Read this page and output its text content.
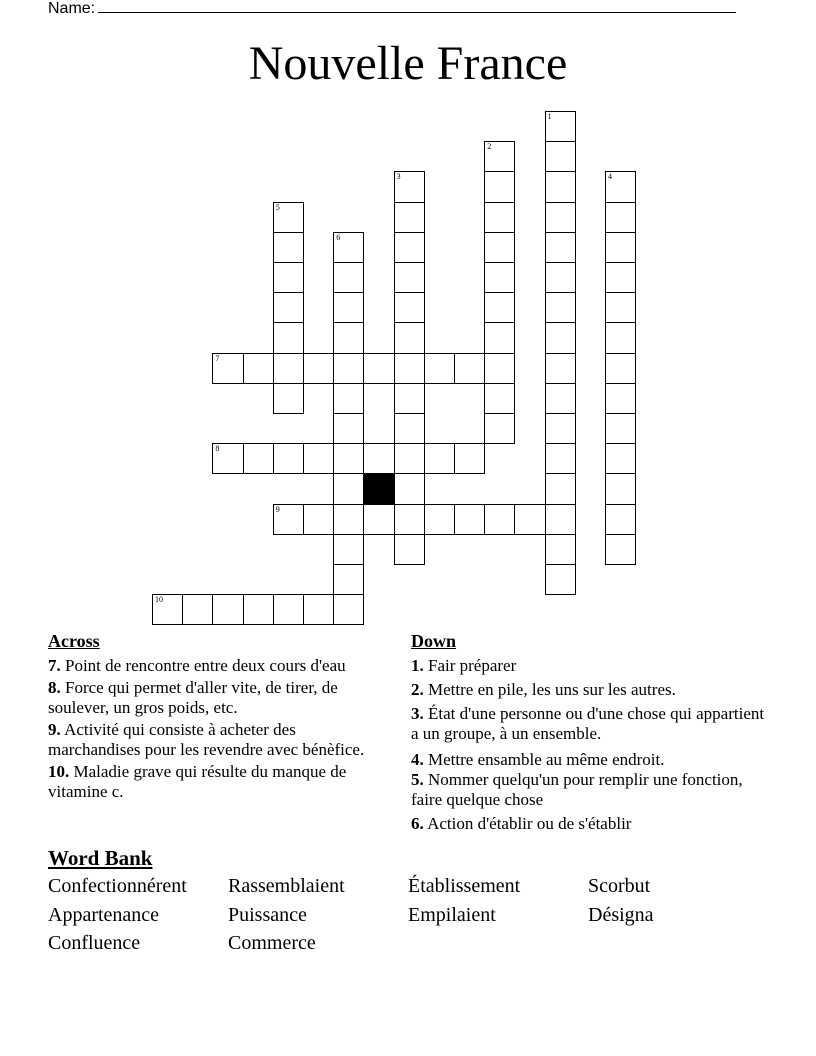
Name:
Nouvelle France
1
2
3	4
5
6
7
8
9
10
Across
7. Point de rencontre entre deux cours d'eau
8. Force qui permet d'aller vite, de tirer, de soulever, un gros poids, etc.
9. Activité qui consiste à acheter des marchandises pour les revendre avec bénèfice.
10. Maladie grave qui résulte du manque de vitamine c.
Down
1. Fair préparer
2. Mettre en pile, les uns sur les autres.
3. État d'une personne ou d'une chose qui appartient a un groupe, à un ensemble.
4. Mettre ensamble au même endroit.
5. Nommer quelqu'un pour remplir une fonction, faire quelque chose
6. Action d'établir ou de s'établir
Word Bank
Confectionnérent Rassemblaient	Établissement	Scorbut
Appartenance	Puissance	Empilaient	Désigna
Confluence	Commerce
